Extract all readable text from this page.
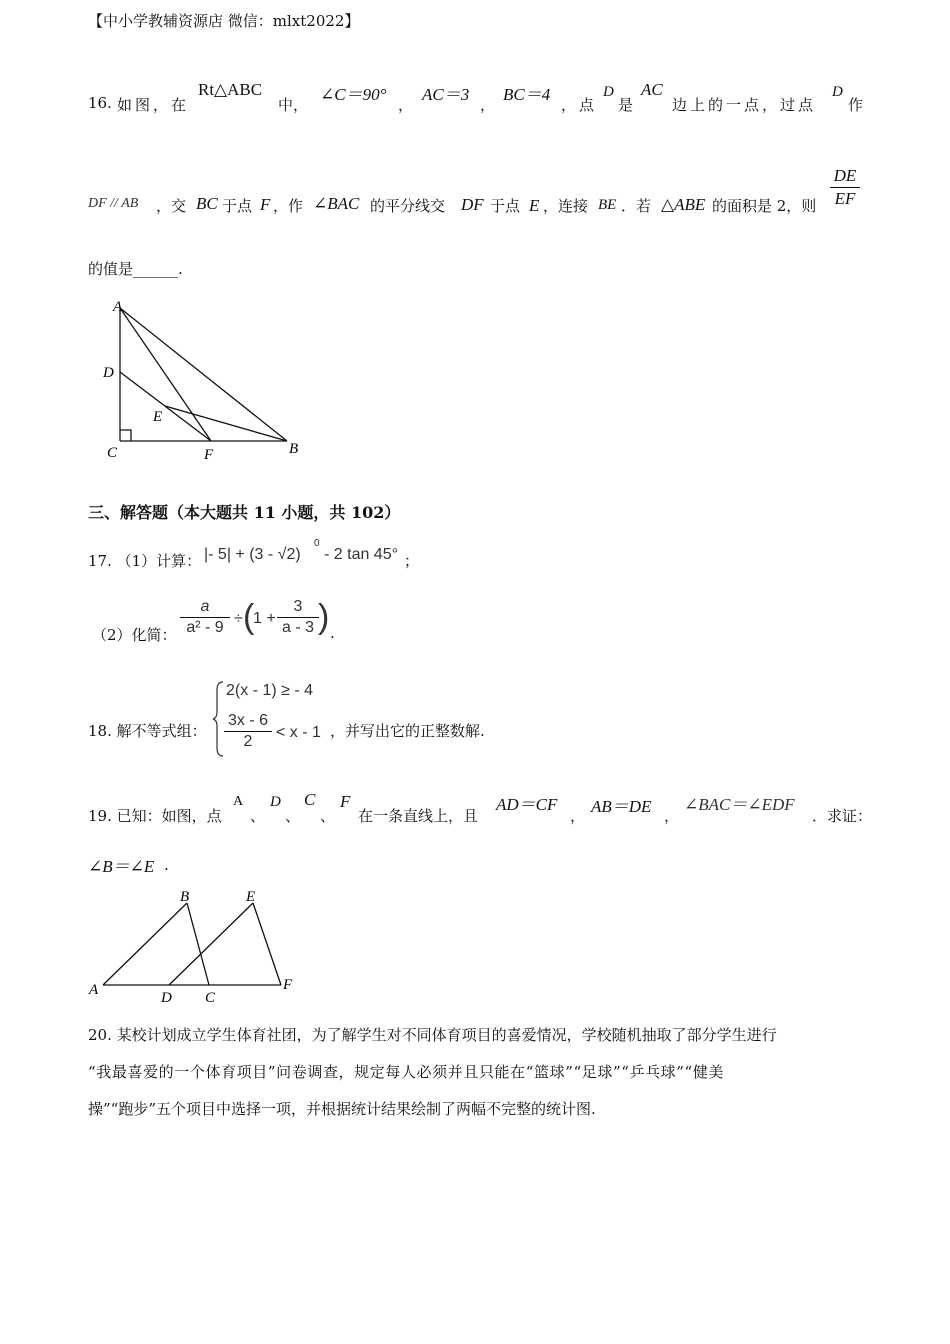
【中小学教辅资源店 微信：mlxt2022】
16. 如图，在
Rt△ABC
中，
∠C＝90°
，
AC＝3
，
BC＝4
，点
D
是
AC
边上的一点，过点
D
作
DF // AB ，交 BC 于点 F ，作 ∠BAC 的平分线交 DF 于点 E ，连接 BE ．若 △ABE 的面积是 2，则
DE
EF
的值是______.
A
D
E
C	F	B
三、解答题（本大题共 11 小题，共 102）
17. （1）计算： |- 5| + (3 - √2)
0
- 2 tan 45° ；
（2）化简：
a
a² - 9
÷ (
1 +
3
a - 3 ) .
18. 解不等式组：
2(x - 1) ≥ - 4
3x - 6
2
< x - 1 ，并写出它的正整数解.
19. 已知：如图，点
A
、
D
、
C
、
F
在一条直线上，且
AD＝CF
， AB＝DE ，
∠BAC＝∠EDF
．求证：
∠B＝∠E .
B	E
A	D C
F
20. 某校计划成立学生体育社团，为了解学生对不同体育项目的喜爱情况，学校随机抽取了部分学生进行
“我最喜爱的一个体育项目”问卷调查，规定每人必须并且只能在“篮球”“足球”“乒乓球”“健美
操”“跑步”五个项目中选择一项，并根据统计结果绘制了两幅不完整的统计图.
